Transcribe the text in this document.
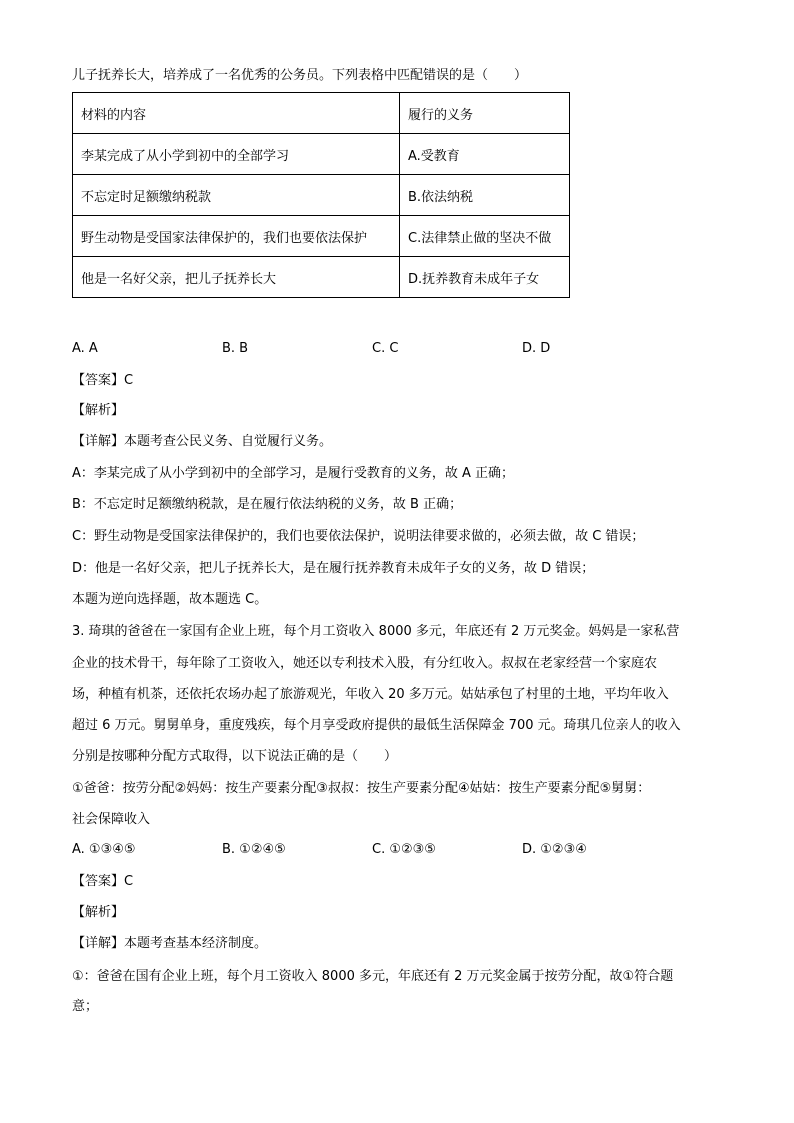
儿子抚养长大，培养成了一名优秀的公务员。下列表格中匹配错误的是（　　）
材料的内容	履行的义务
李某完成了从小学到初中的全部学习	A.受教育
不忘定时足额缴纳税款	B.依法纳税
野生动物是受国家法律保护的，我们也要依法保护	C.法律禁止做的坚决不做
他是一名好父亲，把儿子抚养长大	D.抚养教育未成年子女
A. A	B. B	C. C	D. D
【答案】C
【解析】
【详解】本题考查公民义务、自觉履行义务。
A：李某完成了从小学到初中的全部学习，是履行受教育的义务，故 A 正确；
B：不忘定时足额缴纳税款，是在履行依法纳税的义务，故 B 正确；
C：野生动物是受国家法律保护的，我们也要依法保护，说明法律要求做的，必须去做，故 C 错误；
D：他是一名好父亲，把儿子抚养长大，是在履行抚养教育未成年子女的义务，故 D 错误；
本题为逆向选择题，故本题选 C。
3. 琦琪的爸爸在一家国有企业上班，每个月工资收入 8000 多元，年底还有 2 万元奖金。妈妈是一家私营
企业的技术骨干，每年除了工资收入，她还以专利技术入股，有分红收入。叔叔在老家经营一个家庭农
场，种植有机茶，还依托农场办起了旅游观光，年收入 20 多万元。姑姑承包了村里的土地，平均年收入
超过 6 万元。舅舅单身，重度残疾，每个月享受政府提供的最低生活保障金 700 元。琦琪几位亲人的收入
分别是按哪种分配方式取得，以下说法正确的是（　　）
①爸爸：按劳分配②妈妈：按生产要素分配③叔叔：按生产要素分配④姑姑：按生产要素分配⑤舅舅：
社会保障收入
A. ①③④⑤	B. ①②④⑤	C. ①②③⑤	D. ①②③④
【答案】C
【解析】
【详解】本题考查基本经济制度。
①：爸爸在国有企业上班，每个月工资收入 8000 多元，年底还有 2 万元奖金属于按劳分配，故①符合题
意；
